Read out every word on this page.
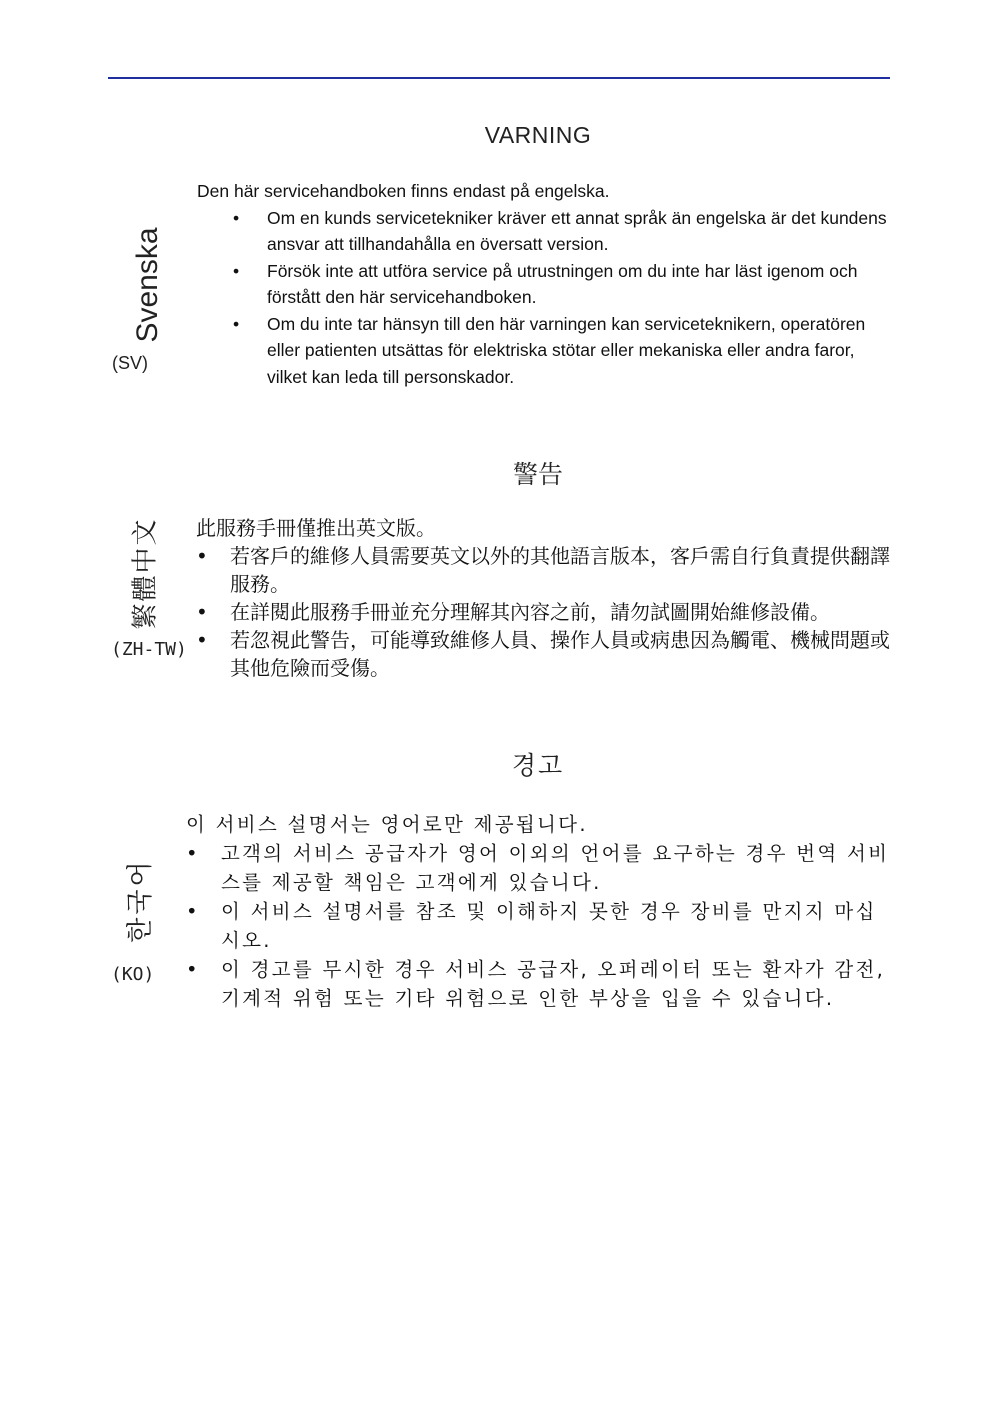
VARNING
Svenska
(SV)

Den här servicehandboken finns endast på engelska.

• Om en kunds servicetekniker kräver ett annat språk än engelska är det kundens ansvar att tillhandahålla en översatt version.
• Försök inte att utföra service på utrustningen om du inte har läst igenom och förstått den här servicehandboken.
• Om du inte tar hänsyn till den här varningen kan serviceteknikern, operatören eller patienten utsättas för elektriska stötar eller mekaniska eller andra faror, vilket kan leda till personskador.
警告
繁體中文
(ZH-TW)

此服務手冊僅推出英文版。

• 若客戶的維修人員需要英文以外的其他語言版本，客戶需自行負責提供翻譯服務。
• 在詳閱此服務手冊並充分理解其內容之前，請勿試圖開始維修設備。
• 若忽視此警告，可能導致維修人員、操作人員或病患因為觸電、機械問題或其他危險而受傷。
경고
한국어
(KO)

이 서비스 설명서는 영어로만 제공됩니다.

• 고객의 서비스 공급자가 영어 이외의 언어를 요구하는 경우 번역 서비스를 제공할 책임은 고객에게 있습니다.
• 이 서비스 설명서를 참조 및 이해하지 못한 경우 장비를 만지지 마십시오.
• 이 경고를 무시한 경우 서비스 공급자, 오퍼레이터 또는 환자가 감전, 기계적 위험 또는 기타 위험으로 인한 부상을 입을 수 있습니다.
